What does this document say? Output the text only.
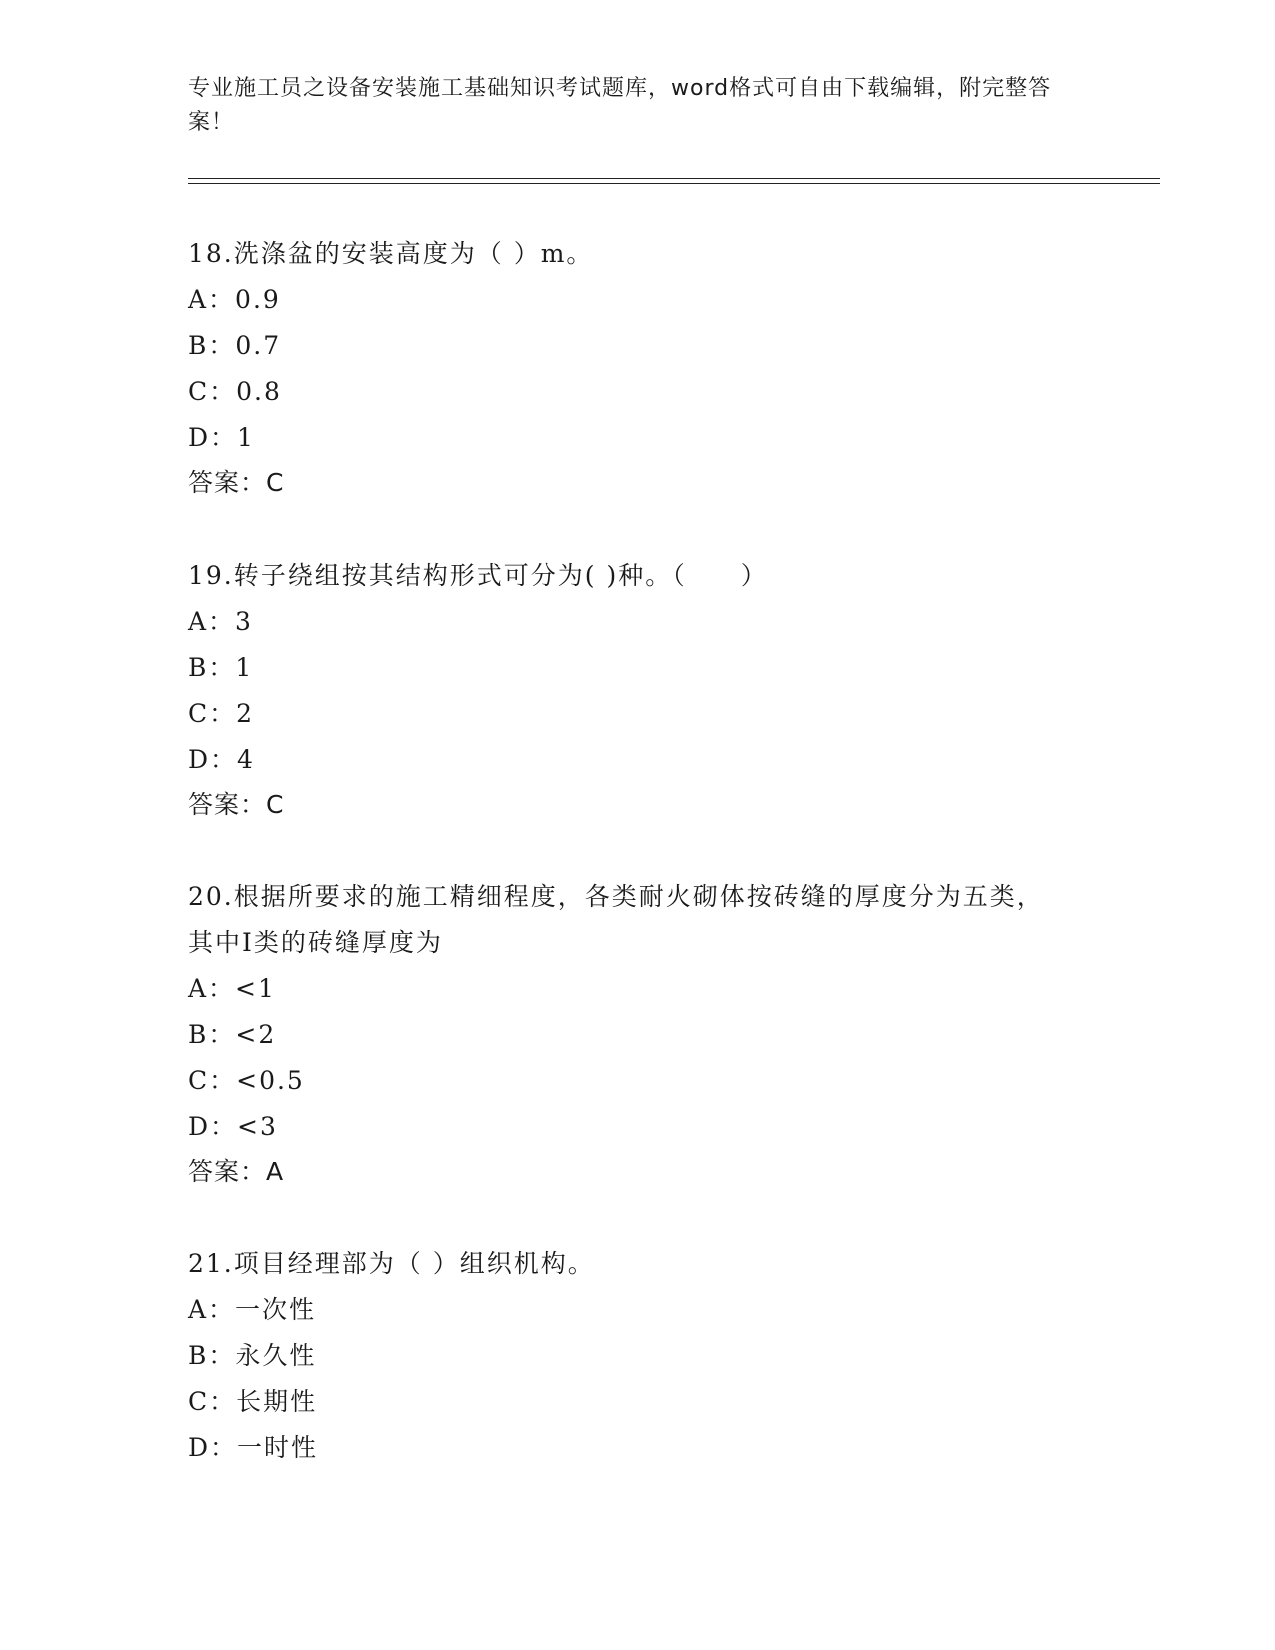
专业施工员之设备安装施工基础知识考试题库，word格式可自由下载编辑，附完整答案！
18.洗涤盆的安装高度为（ ）m。
A：0.9
B：0.7
C：0.8
D：1
答案：C
19.转子绕组按其结构形式可分为( )种。（　　）
A：3
B：1
C：2
D：4
答案：C
20.根据所要求的施工精细程度，各类耐火砌体按砖缝的厚度分为五类，其中Ⅰ类的砖缝厚度为
A：<1
B：<2
C：<0.5
D：<3
答案：A
21.项目经理部为（ ）组织机构。
A：一次性
B：永久性
C：长期性
D：一时性
